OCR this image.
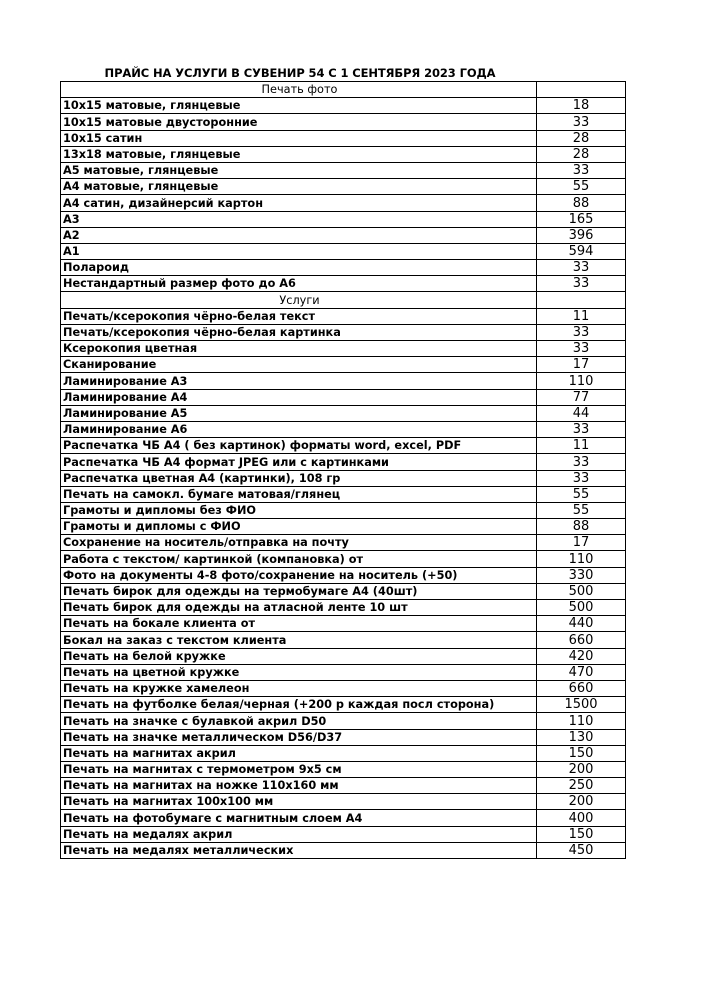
ПРАЙС НА УСЛУГИ В СУВЕНИР 54 С 1 СЕНТЯБРЯ 2023 ГОДА
Печать фото	
10x15 матовые, глянцевые	18
10x15 матовые двусторонние	33
10x15 сатин	28
13x18 матовые, глянцевые	28
А5 матовые, глянцевые	33
А4 матовые, глянцевые	55
А4 сатин, дизайнерсий картон	88
А3	165
А2	396
А1	594
Полароид	33
Нестандартный размер фото до А6	33
Услуги	
Печать/ксерокопия чёрно-белая текст	11
Печать/ксерокопия чёрно-белая картинка	33
Ксерокопия цветная	33
Сканирование	17
Ламинирование А3	110
Ламинирование А4	77
Ламинирование А5	44
Ламинирование А6	33
Распечатка ЧБ А4 ( без картинок) форматы word, excel, PDF	11
Распечатка ЧБ А4 формат JPEG или с картинками	33
Распечатка цветная А4 (картинки), 108 гр	33
Печать на самокл. бумаге матовая/глянец	55
Грамоты и дипломы без ФИО	55
Грамоты и дипломы с ФИО	88
Сохранение на носитель/отправка на почту	17
Работа с текстом/ картинкой (компановка) от	110
Фото на документы 4-8 фото/сохранение на носитель (+50)	330
Печать бирок для одежды на термобумаге А4 (40шт)	500
Печать бирок для одежды на атласной ленте 10 шт	500
Печать на бокале клиента от	440
Бокал на заказ с текстом клиента	660
Печать на белой кружке	420
Печать на цветной кружке	470
Печать на кружке хамелеон	660
Печать на футболке белая/черная (+200 р каждая посл сторона)	1500
Печать на значке с булавкой акрил D50	110
Печать на значке металлическом D56/D37	130
Печать на магнитах акрил	150
Печать на магнитах с термометром 9x5 см	200
Печать на магнитах на ножке 110x160 мм	250
Печать на магнитах 100x100 мм	200
Печать на фотобумаге с магнитным слоем А4	400
Печать на медалях акрил	150
Печать на медалях металлических	450
